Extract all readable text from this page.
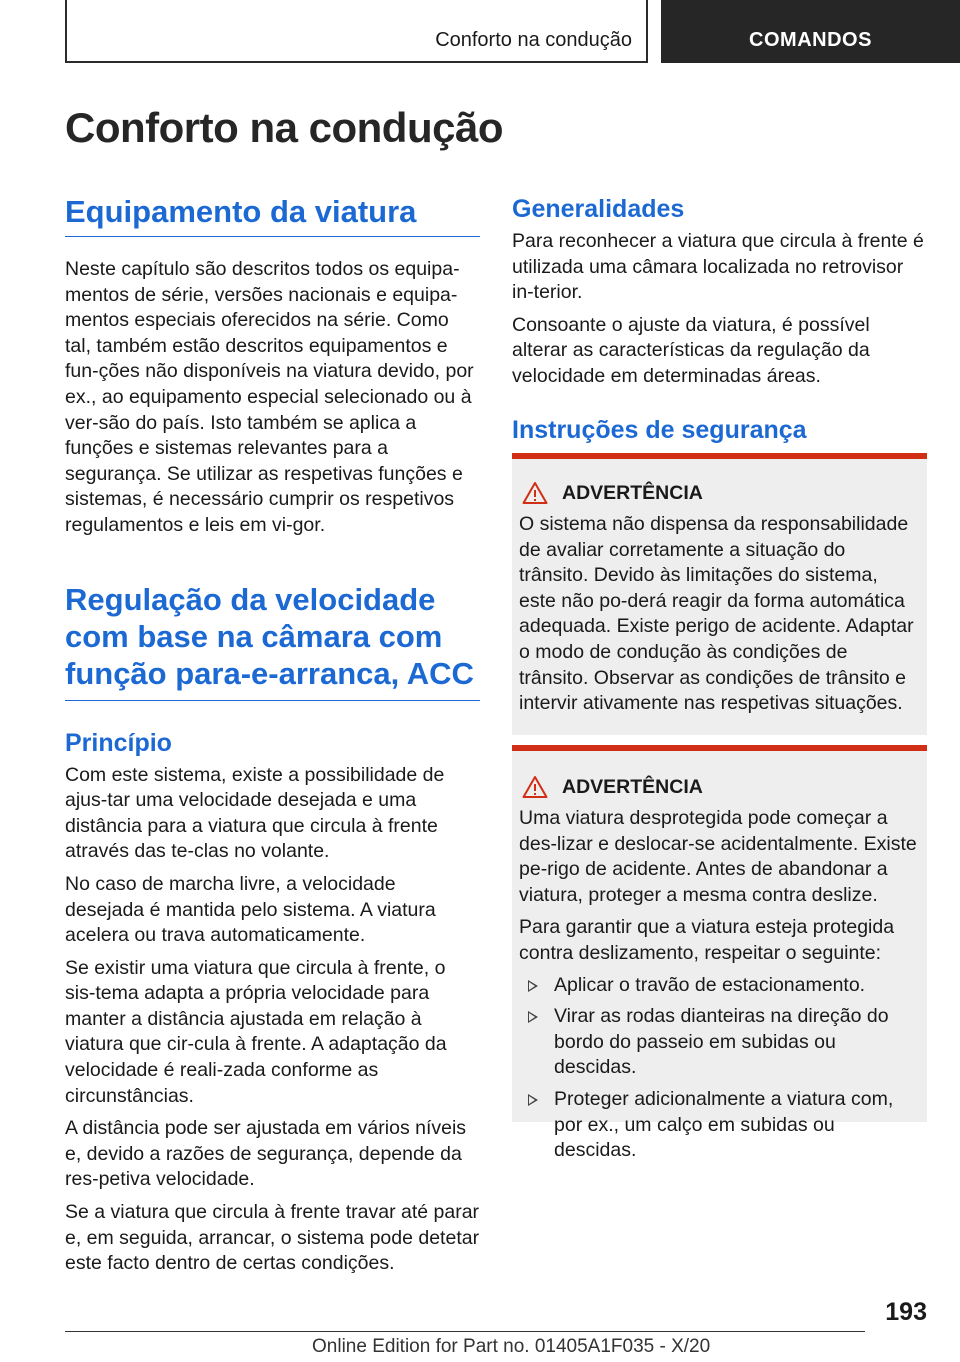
Conforto na condução	COMANDOS
Conforto na condução
Equipamento da viatura

Neste capítulo são descritos todos os equipa-mentos de série, versões nacionais e equipa-mentos especiais oferecidos na série. Como tal, também estão descritos equipamentos e fun-ções não disponíveis na viatura devido, por ex., ao equipamento especial selecionado ou à ver-são do país. Isto também se aplica a funções e sistemas relevantes para a segurança. Se utilizar as respetivas funções e sistemas, é necessário cumprir os respetivos regulamentos e leis em vi-gor.

Regulação da velocidade com base na câmara com função para-e-arranca, ACC
Princípio

Com este sistema, existe a possibilidade de ajus-tar uma velocidade desejada e uma distância para a viatura que circula à frente através das te-clas no volante.

No caso de marcha livre, a velocidade desejada é mantida pelo sistema. A viatura acelera ou trava automaticamente.

Se existir uma viatura que circula à frente, o sis-tema adapta a própria velocidade para manter a distância ajustada em relação à viatura que cir-cula à frente. A adaptação da velocidade é reali-zada conforme as circunstâncias.

A distância pode ser ajustada em vários níveis e, devido a razões de segurança, depende da res-petiva velocidade.

Se a viatura que circula à frente travar até parar e, em seguida, arrancar, o sistema pode detetar este facto dentro de certas condições.

Generalidades

Para reconhecer a viatura que circula à frente é utilizada uma câmara localizada no retrovisor in-terior.

Consoante o ajuste da viatura, é possível alterar as características da regulação da velocidade em determinadas áreas.

Instruções de segurança
ADVERTÊNCIA

O sistema não dispensa da responsabilidade de avaliar corretamente a situação do trânsito. Devido às limitações do sistema, este não po-derá reagir da forma automática adequada. Existe perigo de acidente. Adaptar o modo de condução às condições de trânsito. Observar as condições de trânsito e intervir ativamente nas respetivas situações.

ADVERTÊNCIA

Uma viatura desprotegida pode começar a des-lizar e deslocar-se acidentalmente. Existe pe-rigo de acidente. Antes de abandonar a viatura, proteger a mesma contra deslize.

Para garantir que a viatura esteja protegida contra deslizamento, respeitar o seguinte:

Aplicar o travão de estacionamento.
Virar as rodas dianteiras na direção do bordo do passeio em subidas ou descidas.
Proteger adicionalmente a viatura com, por ex., um calço em subidas ou descidas.
193
Online Edition for Part no. 01405A1F035 - X/20
